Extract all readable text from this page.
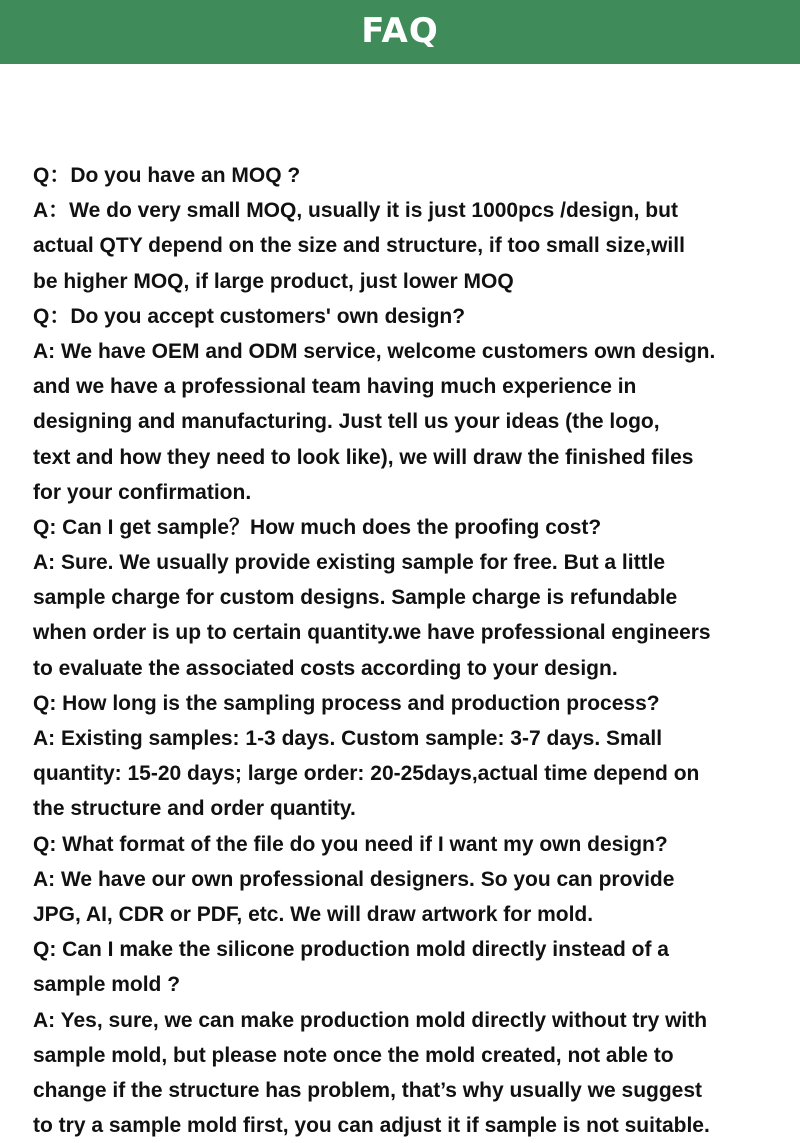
FAQ
Q：Do you have an MOQ ?
A：We do very small MOQ, usually it is just 1000pcs /design, but
actual QTY depend on the size and structure, if too small size,will
be higher MOQ, if large product, just lower MOQ
Q：Do you accept customers' own design?
A: We have OEM and ODM service, welcome customers own design.
and we have a professional team having much experience in
designing and manufacturing. Just tell us your ideas (the logo,
text and how they need to look like), we will draw the finished files
for your confirmation.
Q: Can I get sample？How much does the proofing cost?
A: Sure. We usually provide existing sample for free. But a little
sample charge for custom designs. Sample charge is refundable
when order is up to certain quantity.we have professional engineers
to evaluate the associated costs according to your design.
Q: How long is the sampling process and production process?
A: Existing samples: 1-3 days. Custom sample: 3-7 days. Small
quantity: 15-20 days; large order: 20-25days,actual time depend on
the structure and order quantity.
Q: What format of the file do you need if I want my own design?
A: We have our own professional designers. So you can provide
JPG, AI, CDR or PDF, etc. We will draw artwork for mold.
Q: Can I make the silicone production mold directly instead of a
sample mold ?
A: Yes, sure, we can make production mold directly without try with
sample mold, but please note once the mold created, not able to
change if the structure has problem, that’s why usually we suggest
to try a sample mold first, you can adjust it if sample is not suitable.
